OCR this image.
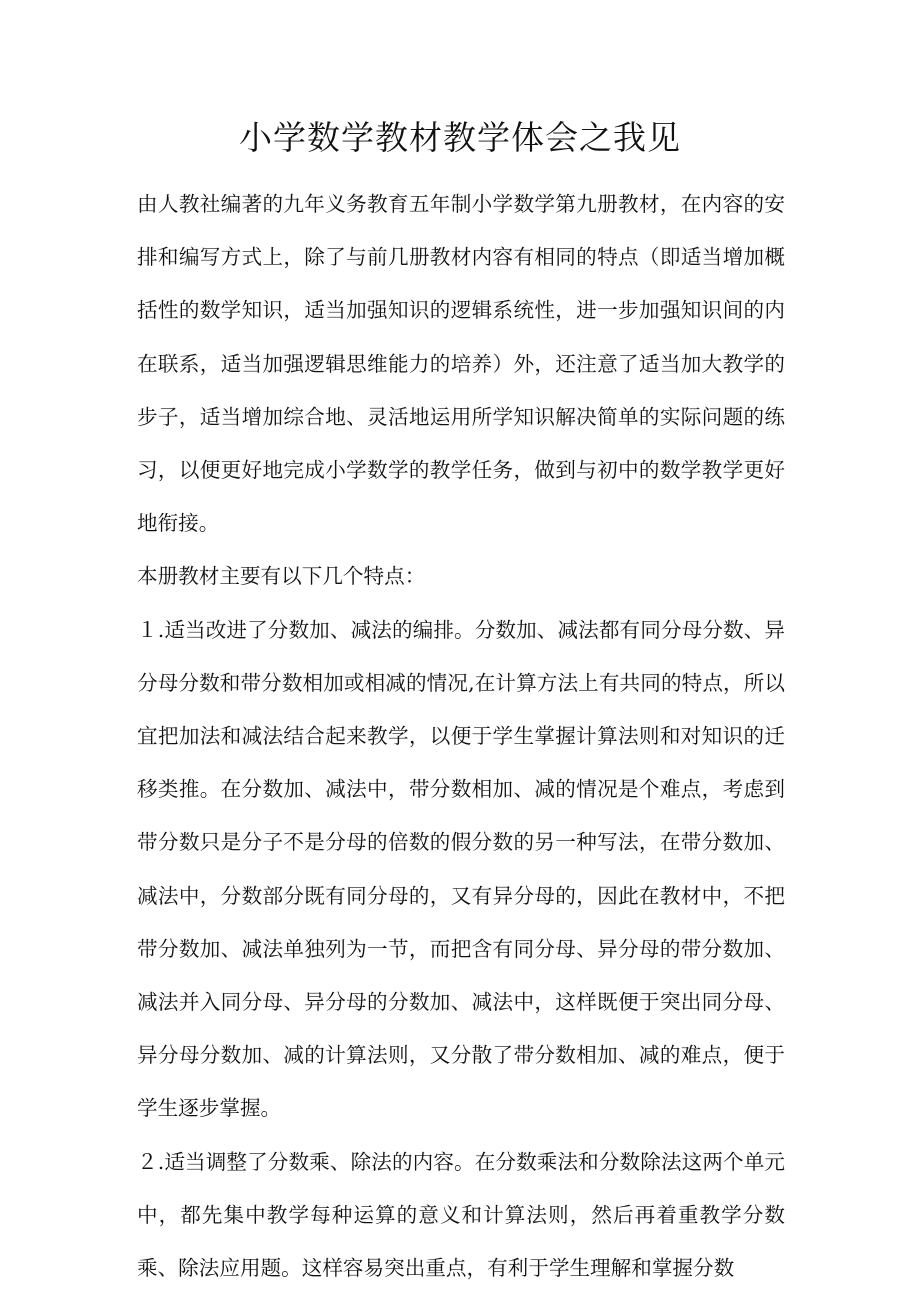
小学数学教材教学体会之我见

由人教社编著的九年义务教育五年制小学数学第九册教材，在内容的安排和编写方式上，除了与前几册教材内容有相同的特点（即适当增加概括性的数学知识，适当加强知识的逻辑系统性，进一步加强知识间的内在联系，适当加强逻辑思维能力的培养）外，还注意了适当加大教学的步子，适当增加综合地、灵活地运用所学知识解决简单的实际问题的练习，以便更好地完成小学数学的教学任务，做到与初中的数学教学更好地衔接。

本册教材主要有以下几个特点：

１.适当改进了分数加、减法的编排。分数加、减法都有同分母分数、异分母分数和带分数相加或相减的情况,在计算方法上有共同的特点，所以宜把加法和减法结合起来教学，以便于学生掌握计算法则和对知识的迁移类推。在分数加、减法中，带分数相加、减的情况是个难点，考虑到带分数只是分子不是分母的倍数的假分数的另一种写法，在带分数加、减法中，分数部分既有同分母的，又有异分母的，因此在教材中，不把带分数加、减法单独列为一节，而把含有同分母、异分母的带分数加、减法并入同分母、异分母的分数加、减法中，这样既便于突出同分母、异分母分数加、减的计算法则，又分散了带分数相加、减的难点，便于学生逐步掌握。

２.适当调整了分数乘、除法的内容。在分数乘法和分数除法这两个单元中，都先集中教学每种运算的意义和计算法则，然后再着重教学分数乘、除法应用题。这样容易突出重点，有利于学生理解和掌握分数
